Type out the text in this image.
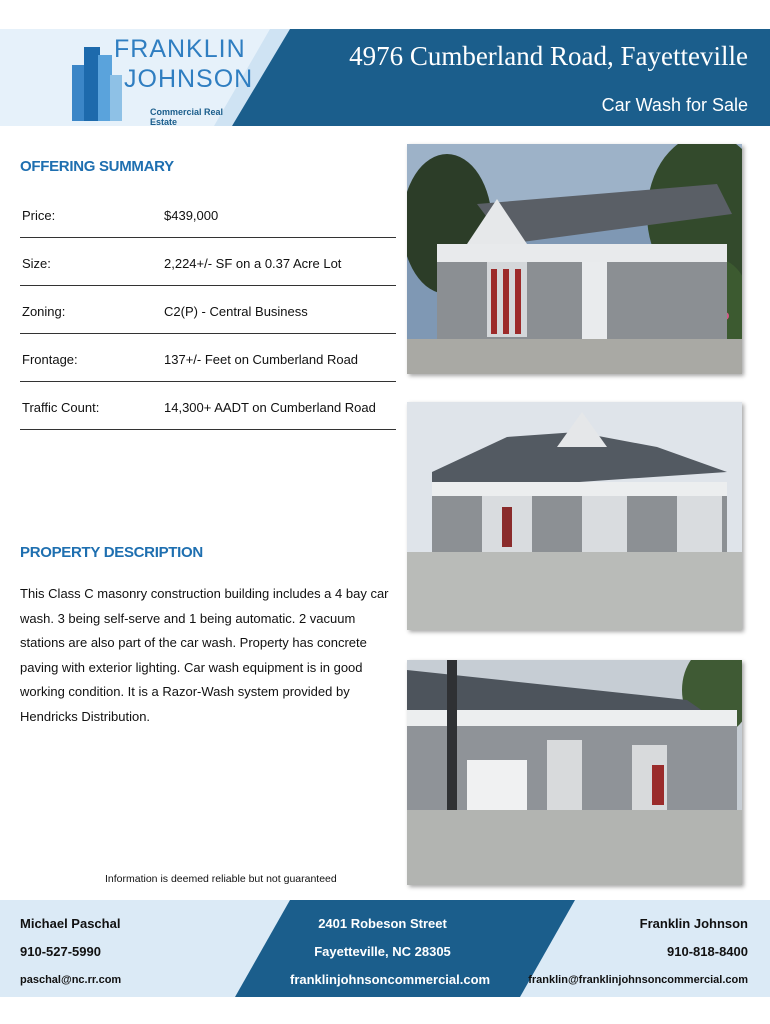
FRANKLIN
JOHNSON
Commercial Real Estate
4976 Cumberland Road, Fayetteville
Car Wash for Sale
OFFERING SUMMARY
Price:	$439,000
Size:	2,224+/- SF on a 0.37 Acre Lot
Zoning:	C2(P) - Central Business
Frontage:	137+/- Feet on Cumberland Road
Traffic Count:	14,300+ AADT on Cumberland Road
PROPERTY DESCRIPTION
This Class C masonry construction building includes a 4 bay car wash. 3 being self-serve and 1 being automatic. 2 vacuum stations are also part of the car wash. Property has concrete paving with exterior lighting. Car wash equipment is in good working condition. It is a Razor-Wash system provided by Hendricks Distribution.
Information is deemed reliable but not guaranteed
Michael Paschal
910-527-5990
paschal@nc.rr.com
2401 Robeson Street
Fayetteville, NC 28305
franklinjohnsoncommercial.com
Franklin Johnson
910-818-8400
franklin@franklinjohnsoncommercial.com
